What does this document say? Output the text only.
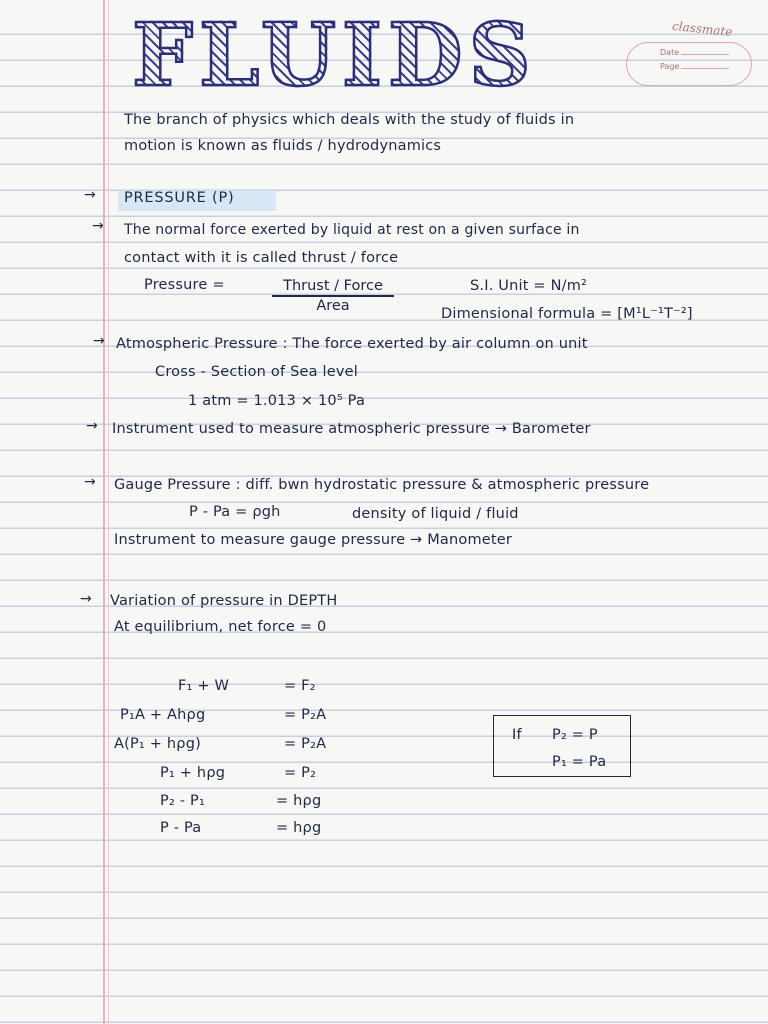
FLUIDS	classmate
Date
Page
The branch of physics which deals with the study of fluids in
motion is known as fluids / hydrodynamics
→ PRESSURE (P)
→ The normal force exerted by liquid at rest on a given surface in
contact with it is called thrust / force
Pressure =	Thrust / Force
Area
S.I. Unit = N/m²
Dimensional formula = [M¹L⁻¹T⁻²]
→ Atmospheric Pressure : The force exerted by air column on unit
Cross - Section of Sea level
1 atm = 1.013 × 10⁵ Pa
→ Instrument used to measure atmospheric pressure → Barometer
→ Gauge Pressure : diff. bwn hydrostatic pressure & atmospheric pressure
P - Pa = ρgh	density of liquid / fluid
Instrument to measure gauge pressure → Manometer
→ Variation of pressure in DEPTH
At equilibrium, net force = 0
F₁ + W	= F₂
P₁A + Ahρg	= P₂A
A(P₁ + hρg)	= P₂A
P₁ + hρg	= P₂
P₂ - P₁	= hρg
P - Pa	= hρg
If P₂ = P
P₁ = Pa
